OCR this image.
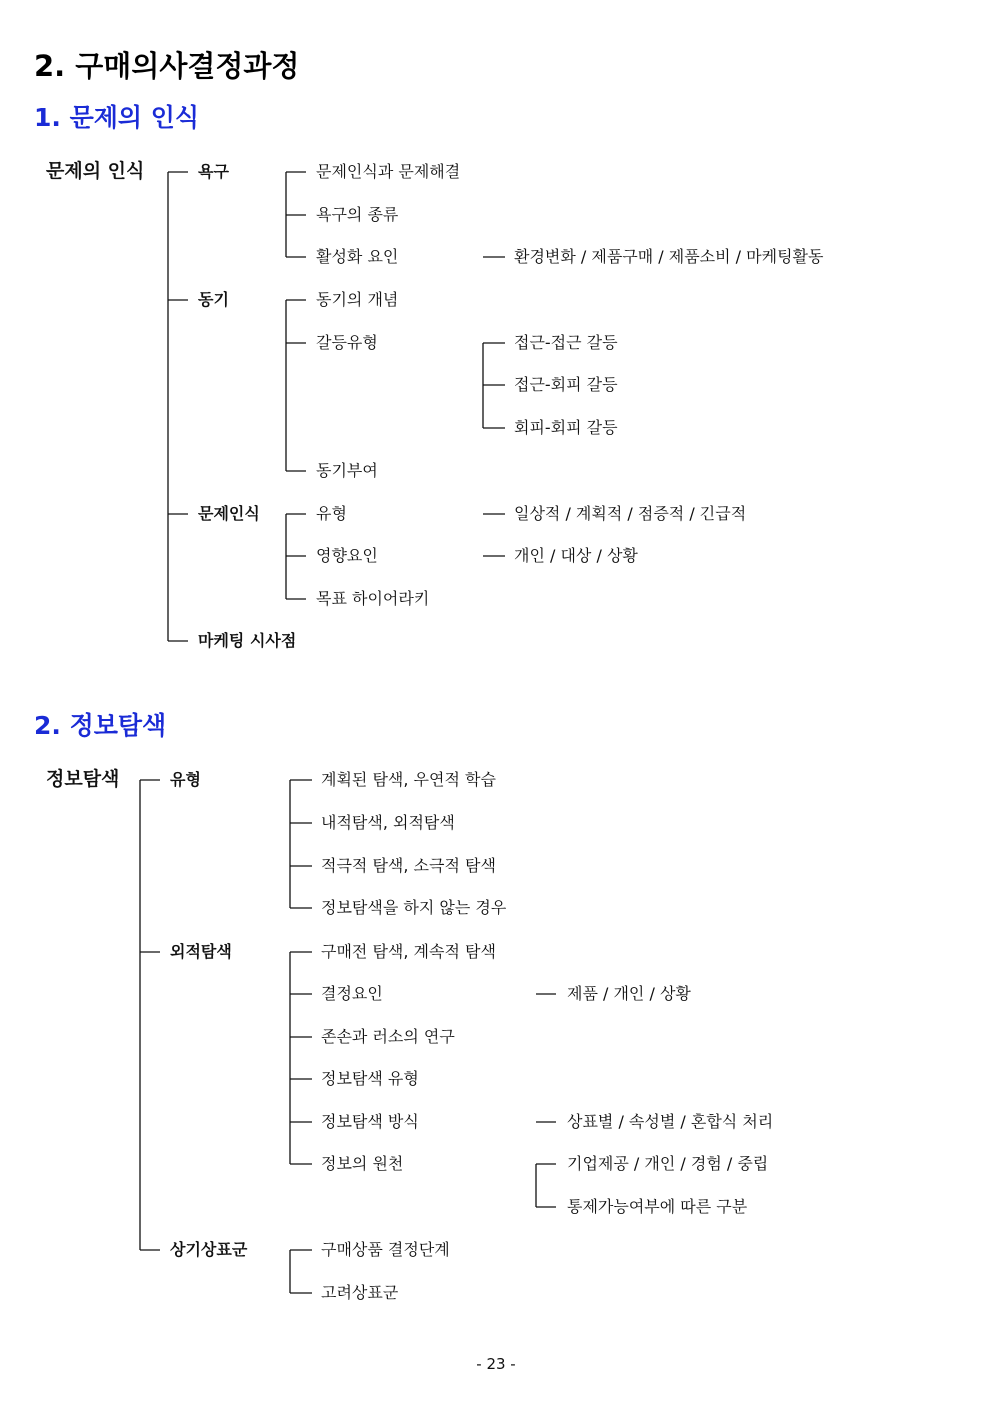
2. 구매의사결정과정
1. 문제의 인식
문제의 인식	욕구	문제인식과 문제해결
욕구의 종류
활성화 요인	환경변화 / 제품구매 / 제품소비 / 마케팅활동
동기	동기의 개념
갈등유형	접근-접근 갈등
접근-회피 갈등
회피-회피 갈등
동기부여
문제인식	유형	일상적 / 계획적 / 점증적 / 긴급적
영향요인	개인 / 대상 / 상황
목표 하이어라키
마케팅 시사점
2. 정보탐색
정보탐색	유형	계획된 탐색, 우연적 학습
내적탐색, 외적탐색
적극적 탐색, 소극적 탐색
정보탐색을 하지 않는 경우
외적탐색	구매전 탐색, 계속적 탐색
결정요인	제품 / 개인 / 상황
존손과 러소의 연구
정보탐색 유형
정보탐색 방식	상표별 / 속성별 / 혼합식 처리
정보의 원천	기업제공 / 개인 / 경험 / 중립
통제가능여부에 따른 구분
상기상표군	구매상품 결정단계
고려상표군
- 23 -
